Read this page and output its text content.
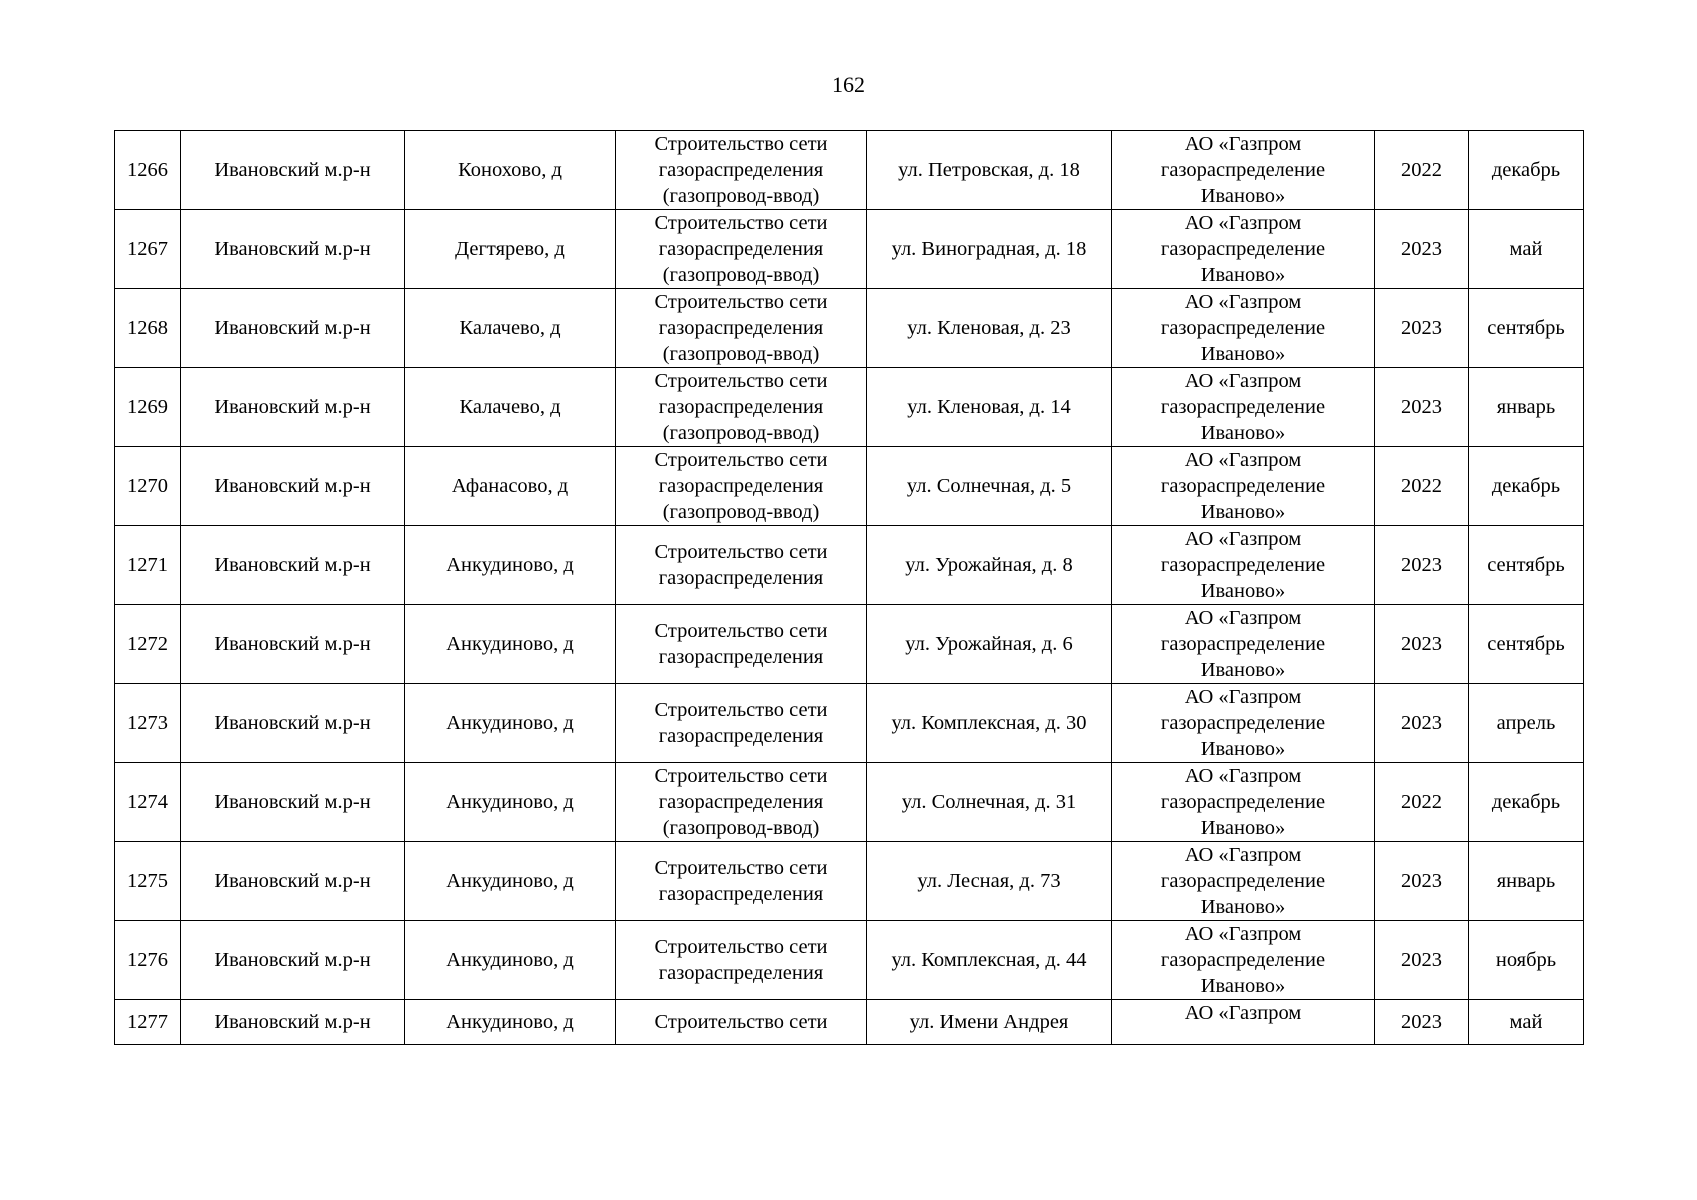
162
1266	Ивановский м.р-н	Конохово, д	Строительство сети
газораспределения
(газопровод-ввод)	ул. Петровская, д. 18	АО «Газпром
газораспределение
Иваново»	2022	декабрь

1267	Ивановский м.р-н	Дегтярево, д	Строительство сети
газораспределения
(газопровод-ввод)	ул. Виноградная, д. 18	АО «Газпром
газораспределение
Иваново»	2023	май

1268	Ивановский м.р-н	Калачево, д	Строительство сети
газораспределения
(газопровод-ввод)	ул. Кленовая, д. 23	АО «Газпром
газораспределение
Иваново»	2023	сентябрь

1269	Ивановский м.р-н	Калачево, д	Строительство сети
газораспределения
(газопровод-ввод)	ул. Кленовая, д. 14	АО «Газпром
газораспределение
Иваново»	2023	январь

1270	Ивановский м.р-н	Афанасово, д	Строительство сети
газораспределения
(газопровод-ввод)	ул. Солнечная, д. 5	АО «Газпром
газораспределение
Иваново»	2022	декабрь

1271	Ивановский м.р-н	Анкудиново, д	Строительство сети
газораспределения	ул. Урожайная, д. 8	АО «Газпром
газораспределение
Иваново»	2023	сентябрь

1272	Ивановский м.р-н	Анкудиново, д	Строительство сети
газораспределения	ул. Урожайная, д. 6	АО «Газпром
газораспределение
Иваново»	2023	сентябрь

1273	Ивановский м.р-н	Анкудиново, д	Строительство сети
газораспределения	ул. Комплексная, д. 30	АО «Газпром
газораспределение
Иваново»	2023	апрель

1274	Ивановский м.р-н	Анкудиново, д	Строительство сети
газораспределения
(газопровод-ввод)	ул. Солнечная, д. 31	АО «Газпром
газораспределение
Иваново»	2022	декабрь

1275	Ивановский м.р-н	Анкудиново, д	Строительство сети
газораспределения	ул. Лесная, д. 73	АО «Газпром
газораспределение
Иваново»	2023	январь

1276	Ивановский м.р-н	Анкудиново, д	Строительство сети
газораспределения	ул. Комплексная, д. 44	АО «Газпром
газораспределение
Иваново»	2023	ноябрь

1277	Ивановский м.р-н	Анкудиново, д	Строительство сети	ул. Имени Андрея	АО «Газпром	2023	май
